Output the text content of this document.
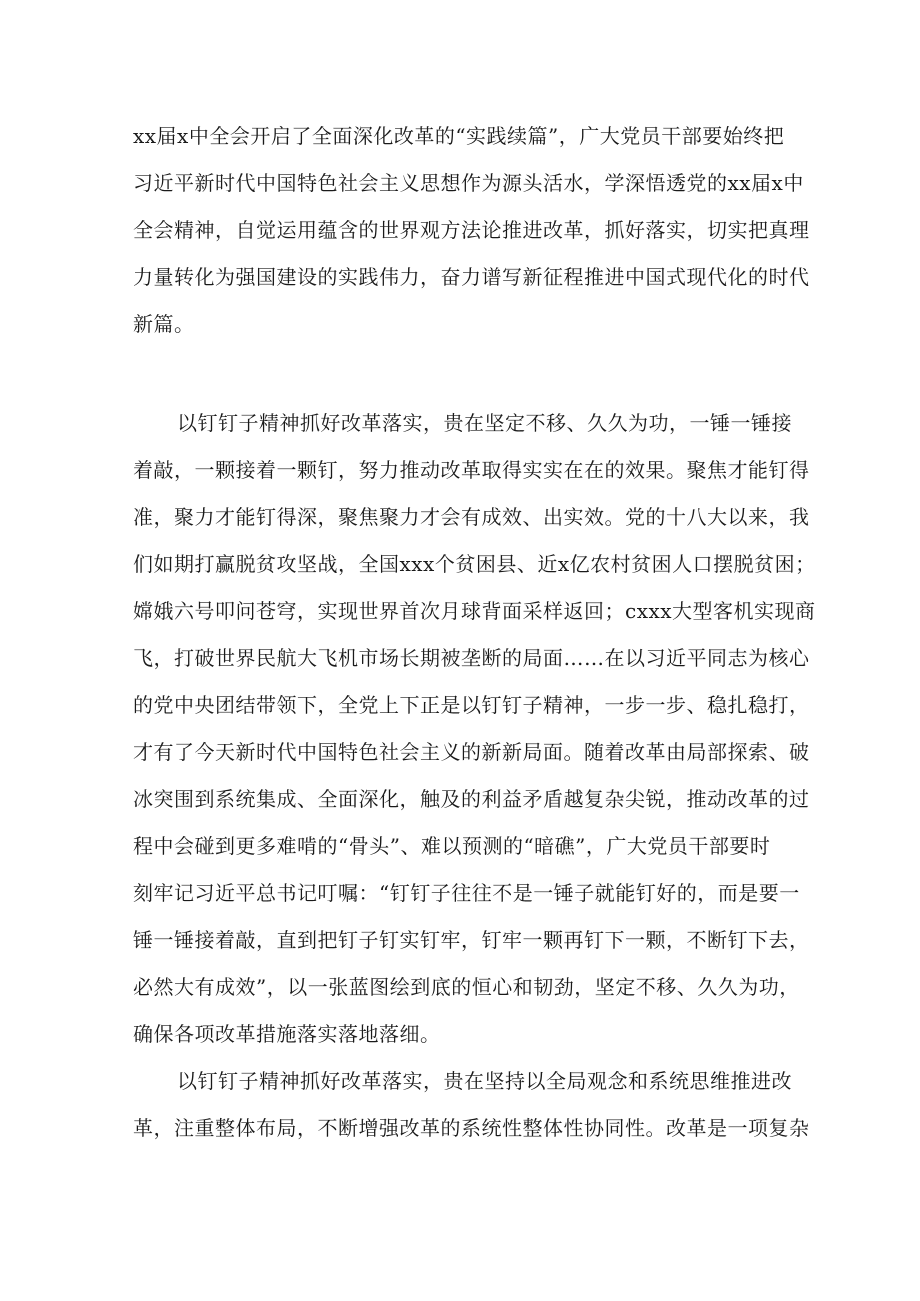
xx届x中全会开启了全面深化改革的“实践续篇”，广大党员干部要始终把
习近平新时代中国特色社会主义思想作为源头活水，学深悟透党的xx届x中
全会精神，自觉运用蕴含的世界观方法论推进改革，抓好落实，切实把真理
力量转化为强国建设的实践伟力，奋力谱写新征程推进中国式现代化的时代
新篇。
以钉钉子精神抓好改革落实，贵在坚定不移、久久为功，一锤一锤接
着敲，一颗接着一颗钉，努力推动改革取得实实在在的效果。聚焦才能钉得
准，聚力才能钉得深，聚焦聚力才会有成效、出实效。党的十八大以来，我
们如期打赢脱贫攻坚战，全国xxx个贫困县、近x亿农村贫困人口摆脱贫困；
嫦娥六号叩问苍穹，实现世界首次月球背面采样返回；cxxx大型客机实现商
飞，打破世界民航大飞机市场长期被垄断的局面……在以习近平同志为核心
的党中央团结带领下，全党上下正是以钉钉子精神，一步一步、稳扎稳打，
才有了今天新时代中国特色社会主义的新新局面。随着改革由局部探索、破
冰突围到系统集成、全面深化，触及的利益矛盾越复杂尖锐，推动改革的过
程中会碰到更多难啃的“骨头”、难以预测的“暗礁”，广大党员干部要时
刻牢记习近平总书记叮嘱：“钉钉子往往不是一锤子就能钉好的，而是要一
锤一锤接着敲，直到把钉子钉实钉牢，钉牢一颗再钉下一颗，不断钉下去，
必然大有成效”，以一张蓝图绘到底的恒心和韧劲，坚定不移、久久为功，
确保各项改革措施落实落地落细。
以钉钉子精神抓好改革落实，贵在坚持以全局观念和系统思维推进改
革，注重整体布局，不断增强改革的系统性整体性协同性。改革是一项复杂
